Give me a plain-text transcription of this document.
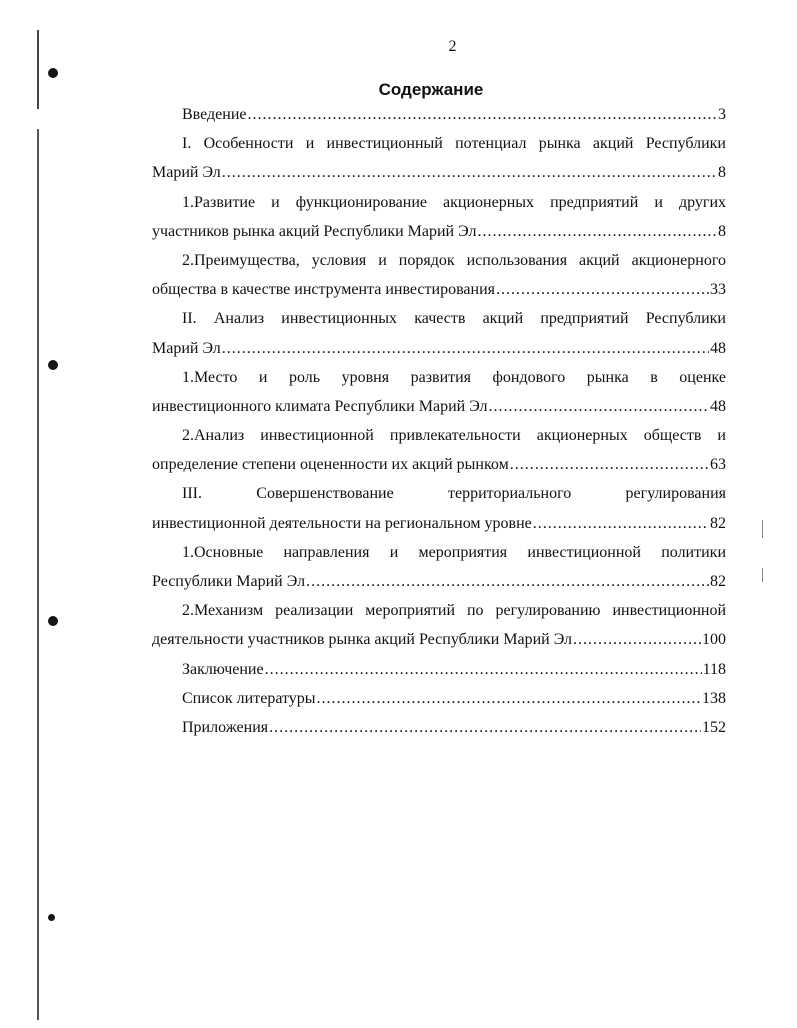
2
Содержание
Введение .....	3
I. Особенности и инвестиционный потенциал рынка акций Республики
Марий Эл .....	8
1.Развитие и функционирование акционерных предприятий и других
участников рынка акций Республики Марий Эл .....	8
2.Преимущества, условия и порядок использования акций акционерного
общества в качестве инструмента инвестирования .....	33
II. Анализ инвестиционных качеств акций предприятий Республики
Марий Эл .....	48
1.Место и роль уровня развития фондового рынка в оценке
инвестиционного климата Республики Марий Эл .....	48
2.Анализ инвестиционной привлекательности акционерных обществ и
определение степени оцененности их акций рынком .....	63
III. Совершенствование территориального регулирования
инвестиционной деятельности на региональном уровне .....	82
1.Основные направления и мероприятия инвестиционной политики
Республики Марий Эл .....	82
2.Механизм реализации мероприятий по регулированию инвестиционной
деятельности участников рынка акций Республики Марий Эл .....	100
Заключение .....	118
Список литературы .....	138
Приложения .....	152
